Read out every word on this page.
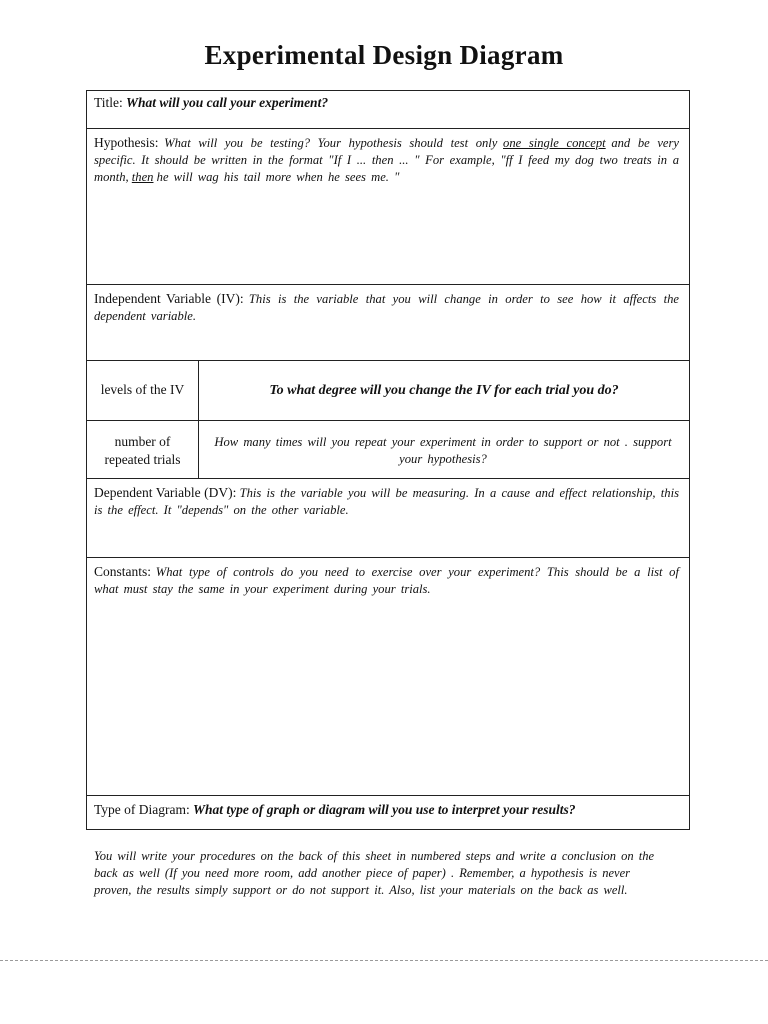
Experimental Design Diagram
Title: What will you call your experiment?
Hypothesis: What will you be testing? Your hypothesis should test only one single concept and be very specific. It should be written in the format "If I ... then ... " For example, "ff I feed my dog two treats in a month, then he will wag his tail more when he sees me. "
Independent Variable (IV): This is the variable that you will change in order to see how it affects the dependent variable.
levels of the IV	To what degree will you change the IV for each trial you do?
number of
repeated trials
How many times will you repeat your experiment in order to support or not . support your hypothesis?
Dependent Variable (DV): This is the variable you will be measuring. In a cause and effect relationship, this is the effect. It "depends" on the other variable.
Constants: What type of controls do you need to exercise over your experiment? This should be a list of what must stay the same in your experiment during your trials.
Type of Diagram: What type of graph or diagram will you use to interpret your results?
You will write your procedures on the back of this sheet in numbered steps and write a conclusion on the back as well (If you need more room, add another piece of paper) . Remember, a hypothesis is never proven, the results simply support or do not support it. Also, list your materials on the back as well.
